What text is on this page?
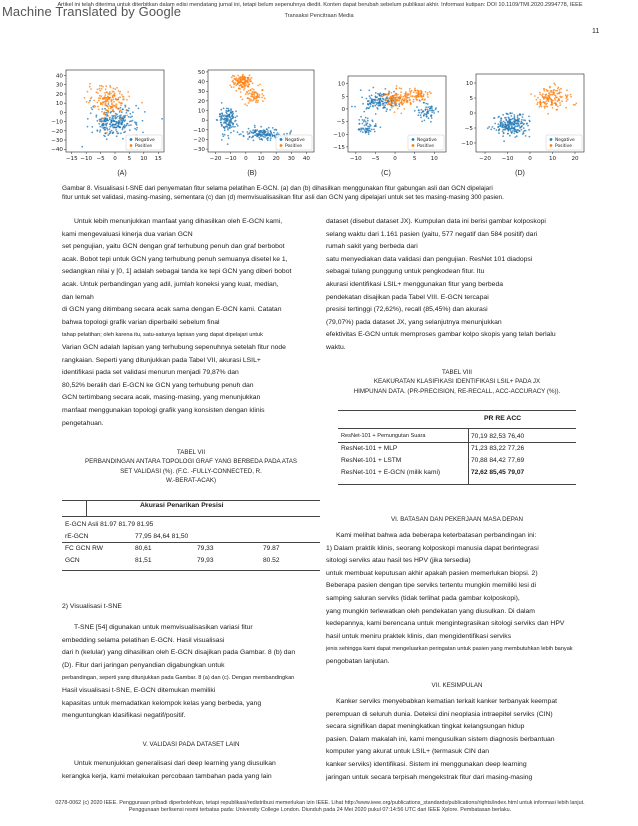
Artikel ini telah diterima untuk diterbitkan dalam edisi mendatang jurnal ini, tetapi belum sepenuhnya diedit. Konten dapat berubah sebelum publikasi akhir. Informasi kutipan: DOI 10.1109/TMI.2020.2994778, IEEE
Machine Translated by Google	Transaksi Pencitraan Media
11
−15 −10 −5 0 5 10 15
40
30
20
10
0
−10
−20
−30
−40
Negative
Positive
−20 −10 0 10 20 30 40
50
40
30
20
10
0
−10
−20
−30
Negative
Positive
−10 −5 0	5	10
10
5
0
−5
−10
−15
Negative
Positive
−20 −10	0	10	20
10
5
0
−5
−10
Negative
Positive
(A)	(B)	(C)	(D)
Gambar 8. Visualisasi t-SNE dari penyematan fitur selama pelatihan E-GCN. (a) dan (b) dihasilkan menggunakan fitur gabungan asli dan GCN dipelajari
fitur untuk set validasi, masing-masing, sementara (c) dan (d) memvisualisasikan fitur asli dan GCN yang dipelajari untuk set tes masing-masing 300 pasien.

Untuk lebih menunjukkan manfaat yang dihasilkan oleh E-GCN kami,

kami mengevaluasi kinerja dua varian GCN

set pengujian, yaitu GCN dengan graf terhubung penuh dan graf berbobot

acak. Bobot tepi untuk GCN yang terhubung penuh semuanya disetel ke 1,

sedangkan nilai y [0, 1] adalah sebagai tanda ke tepi GCN yang diberi bobot

acak. Untuk perbandingan yang adil, jumlah koneksi yang kuat, median,

dan lemah

di GCN yang ditimbang secara acak sama dengan E-GCN kami. Catatan

bahwa topologi grafik varian diperbaiki sebelum final

tahap pelatihan; oleh karena itu, satu-satunya lapisan yang dapat dipelajari untuk

Varian GCN adalah lapisan yang terhubung sepenuhnya setelah fitur node

rangkaian. Seperti yang ditunjukkan pada Tabel VII, akurasi LSIL+

identifikasi pada set validasi menurun menjadi 79,87% dan

80,52% beralih dari E-GCN ke GCN yang terhubung penuh dan

GCN tertimbang secara acak, masing-masing, yang menunjukkan

manfaat menggunakan topologi grafik yang konsisten dengan klinis

pengetahuan.

TABEL VII
PERBANDINGAN ANTARA TOPOLOGI GRAF YANG BERBEDA PADA ATAS
SET VALIDASI (%). (F.C. -FULLY-CONNECTED, R.
W.-BERAT-ACAK)
Akurasi Penarikan Presisi
E-GCN Asli 81.97 81.79 81.95			
rE-GCN	77,95 84,64 81,50		
FC GCN RW	80,61	79,33	79.87
GCN	81,51	79,93	80.52
2) Visualisasi t-SNE

T-SNE [54] digunakan untuk memvisualisasikan variasi fitur

embedding selama pelatihan E-GCN. Hasil visualisasi

dari h (kelular) yang dihasilkan oleh E-GCN disajikan pada Gambar. 8 (b) dan

(D). Fitur dari jaringan penyandian digabungkan untuk

perbandingan, seperti yang ditunjukkan pada Gambar. 8 (a) dan (c). Dengan membandingkan

Hasil visualisasi t-SNE, E-GCN ditemukan memiliki

kapasitas untuk memadatkan kelompok kelas yang berbeda, yang

menguntungkan klasifikasi negatif/positif.

V. VALIDASI PADA DATASET LAIN

Untuk menunjukkan generalisasi dari deep learning yang diusulkan

kerangka kerja, kami melakukan percobaan tambahan pada yang lain

dataset (disebut dataset JX). Kumpulan data ini berisi gambar kolposkopi

selang waktu dari 1.161 pasien (yaitu, 577 negatif dan 584 positif) dari

rumah sakit yang berbeda dari

satu menyediakan data validasi dan pengujian. ResNet 101 diadopsi

sebagai tulang punggung untuk pengkodean fitur. Itu

akurasi identifikasi LSIL+ menggunakan fitur yang berbeda

pendekatan disajikan pada Tabel VIII. E-GCN tercapai

presisi tertinggi (72,62%), recall (85,45%) dan akurasi

(79,07%) pada dataset JX, yang selanjutnya menunjukkan

efektivitas E-GCN untuk memproses gambar kolpo skopis yang telah berlalu

waktu.

TABEL VIII
KEAKURATAN KLASIFIKASI IDENTIFIKASI LSIL+ PADA JX
HIMPUNAN DATA. (PR-PRECISION, RE-RECALL, ACC-ACCURACY (%)).
PR RE ACC
ResNet-101 + Pemungutan Suara	70,19 82,53 76,40
ResNet-101 + MLP	71,23 83,22 77,26
ResNet-101 + LSTM	70,88 84,42 77,69
ResNet-101 + E-GCN (milik kami)	72,62 85,45 79,07
VI. BATASAN DAN PEKERJAAN MASA DEPAN

Kami melihat bahwa ada beberapa keterbatasan perbandingan ini:

1) Dalam praktik klinis, seorang kolposkopi manusia dapat berintegrasi

sitologi serviks atau hasil tes HPV (jika tersedia)

untuk membuat keputusan akhir apakah pasien memerlukan biopsi. 2)

Beberapa pasien dengan tipe serviks tertentu mungkin memiliki lesi di

samping saluran serviks (tidak terlihat pada gambar kolposkopi),

yang mungkin terlewatkan oleh pendekatan yang diusulkan. Di dalam

kedepannya, kami berencana untuk mengintegrasikan sitologi serviks dan HPV

hasil untuk meniru praktek klinis, dan mengidentifikasi serviks

jenis sehingga kami dapat mengeluarkan peringatan untuk pasien yang membutuhkan lebih banyak

pengobatan lanjutan.

VII. KESIMPULAN

Kanker serviks menyebabkan kematian terkait kanker terbanyak keempat

perempuan di seluruh dunia. Deteksi dini neoplasia intraepitel serviks (CIN)

secara signifikan dapat meningkatkan tingkat kelangsungan hidup

pasien. Dalam makalah ini, kami mengusulkan sistem diagnosis berbantuan

komputer yang akurat untuk LSIL+ (termasuk CIN dan

kanker serviks) identifikasi. Sistem ini menggunakan deep learning

jaringan untuk secara terpisah mengekstrak fitur dari masing-masing

0278-0062 (c) 2020 IEEE. Penggunaan pribadi diperbolehkan, tetapi republikasi/redistribusi memerlukan izin IEEE. Lihat http://www.ieee.org/publications_standards/publications/rights/index.html untuk informasi lebih lanjut.
Penggunaan berlisensi resmi terbatas pada: University College London. Diunduh pada 24 Mei 2020 pukul 07:14:56 UTC dari IEEE Xplore. Pembatasan berlaku.
